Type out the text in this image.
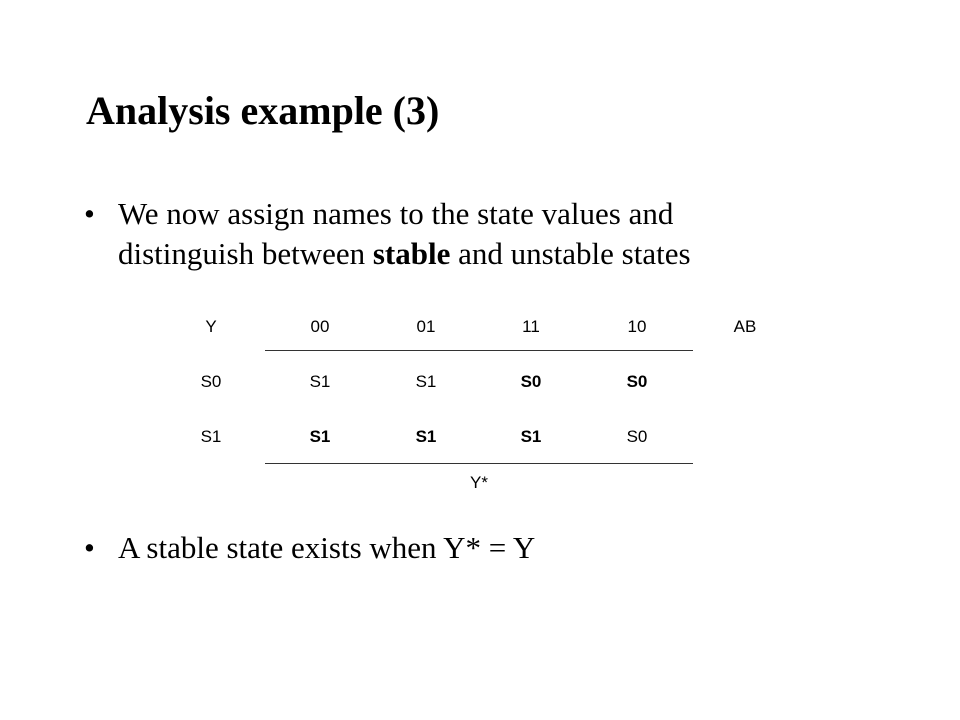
Analysis example (3)
• We now assign names to the state values and
distinguish between stable and unstable states
Y	00	01	11	10	AB
S0	S1	S1	S0	S0
S1	S1	S1	S1	S0
Y*
• A stable state exists when Y* = Y
